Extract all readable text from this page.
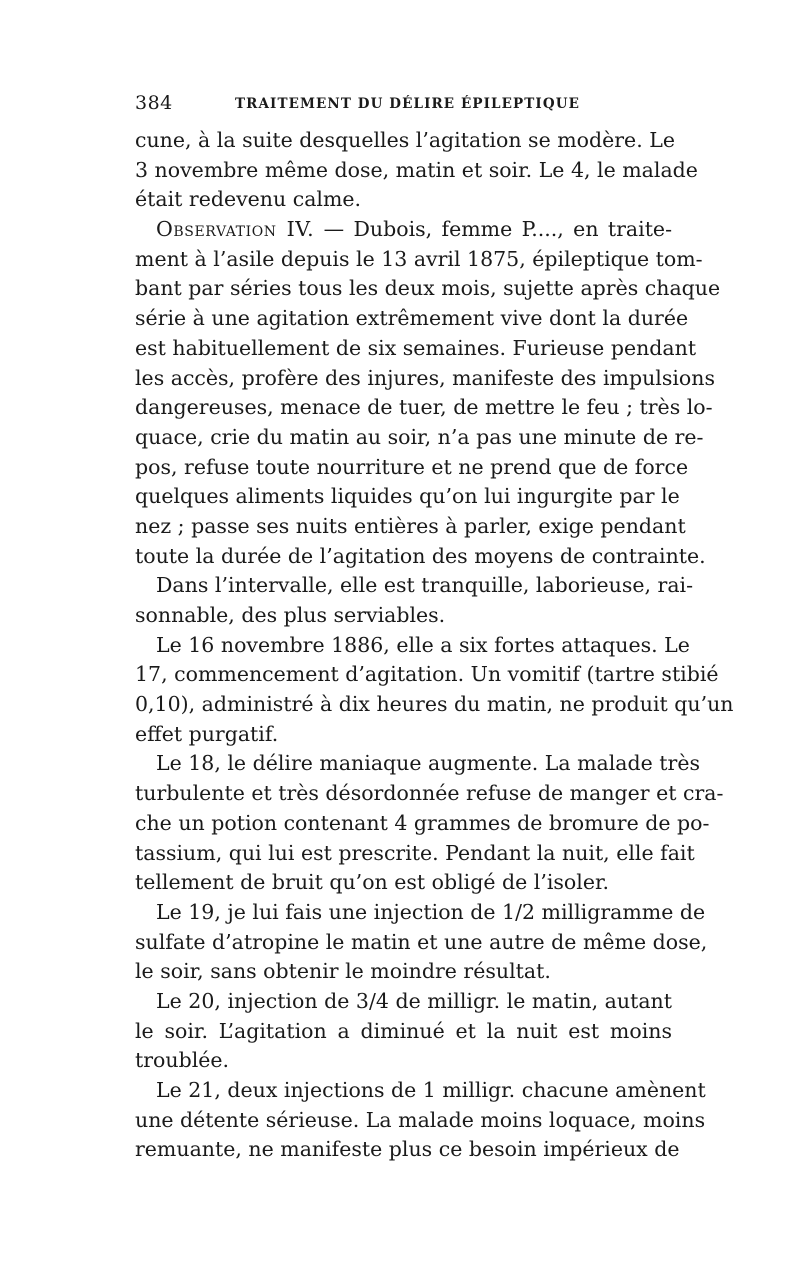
384	TRAITEMENT DU DÉLIRE ÉPILEPTIQUE
cune, à la suite desquelles l’agitation se modère. Le
3 novembre même dose, matin et soir. Le 4, le malade
était redevenu calme.
Observation IV. — Dubois, femme P...., en traite-
ment à l’asile depuis le 13 avril 1875, épileptique tom-
bant par séries tous les deux mois, sujette après chaque
série à une agitation extrêmement vive dont la durée
est habituellement de six semaines. Furieuse pendant
les accès, profère des injures, manifeste des impulsions
dangereuses, menace de tuer, de mettre le feu ; très lo-
quace, crie du matin au soir, n’a pas une minute de re-
pos, refuse toute nourriture et ne prend que de force
quelques aliments liquides qu’on lui ingurgite par le
nez ; passe ses nuits entières à parler, exige pendant
toute la durée de l’agitation des moyens de contrainte.
Dans l’intervalle, elle est tranquille, laborieuse, rai-
sonnable, des plus serviables.
Le 16 novembre 1886, elle a six fortes attaques. Le
17, commencement d’agitation. Un vomitif (tartre stibié
0,10), administré à dix heures du matin, ne produit qu’un
effet purgatif.
Le 18, le délire maniaque augmente. La malade très
turbulente et très désordonnée refuse de manger et cra-
che un potion contenant 4 grammes de bromure de po-
tassium, qui lui est prescrite. Pendant la nuit, elle fait
tellement de bruit qu’on est obligé de l’isoler.
Le 19, je lui fais une injection de 1/2 milligramme de
sulfate d’atropine le matin et une autre de même dose,
le soir, sans obtenir le moindre résultat.
Le 20, injection de 3/4 de milligr. le matin, autant
le soir. L’agitation a diminué et la nuit est moins
troublée.
Le 21, deux injections de 1 milligr. chacune amènent
une détente sérieuse. La malade moins loquace, moins
remuante, ne manifeste plus ce besoin impérieux de
